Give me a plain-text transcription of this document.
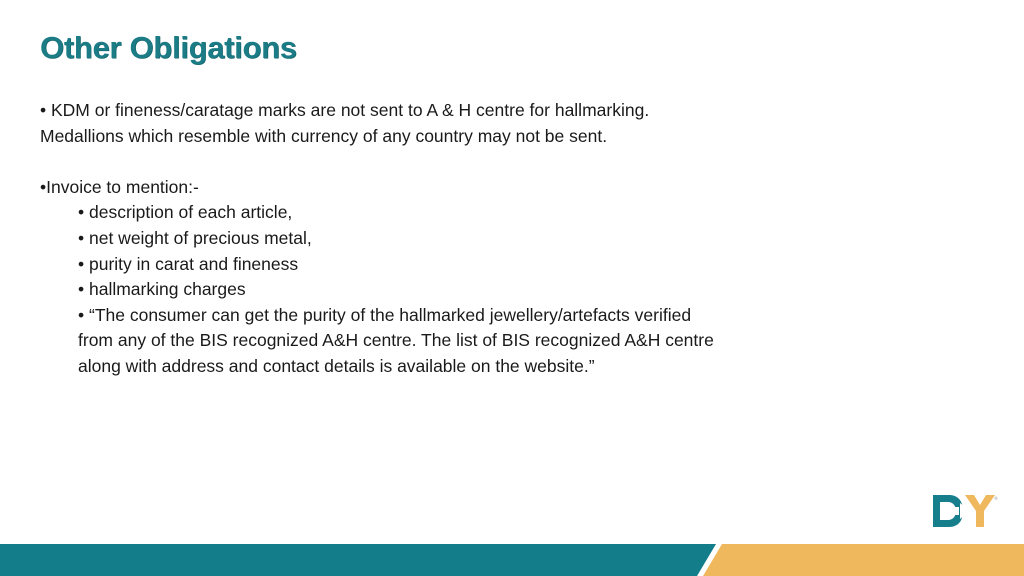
Other Obligations

• KDM or fineness/caratage marks are not sent to A & H centre for hallmarking.

Medallions which resemble with currency of any country may not be sent.

•Invoice to mention:-

• description of each article,

• net weight of precious metal,

• purity in carat and fineness

• hallmarking charges

• “The consumer can get the purity of the hallmarked jewellery/artefacts verified

from any of the BIS recognized A&H centre. The list of BIS recognized A&H centre

along with address and contact details is available on the website.”

®
